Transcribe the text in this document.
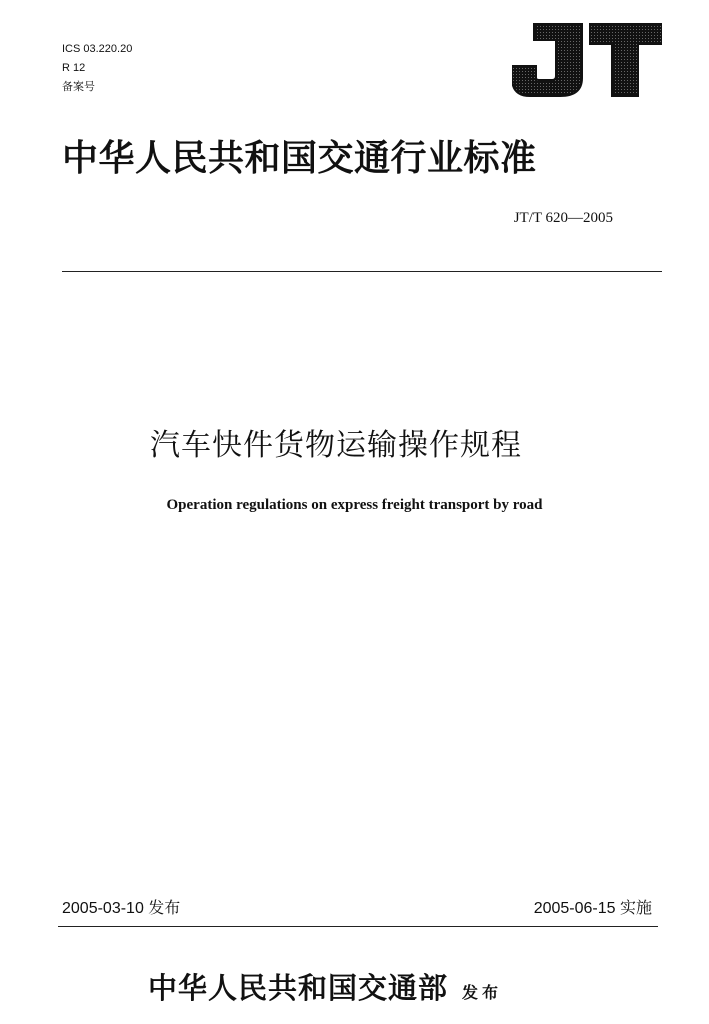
ICS 03.220.20
R 12
备案号
中华人民共和国交通行业标准
JT/T 620—2005
汽车快件货物运输操作规程
Operation regulations on express freight transport by road
2005-03-10 发布	2005-06-15 实施
中华人民共和国交通部 发布
